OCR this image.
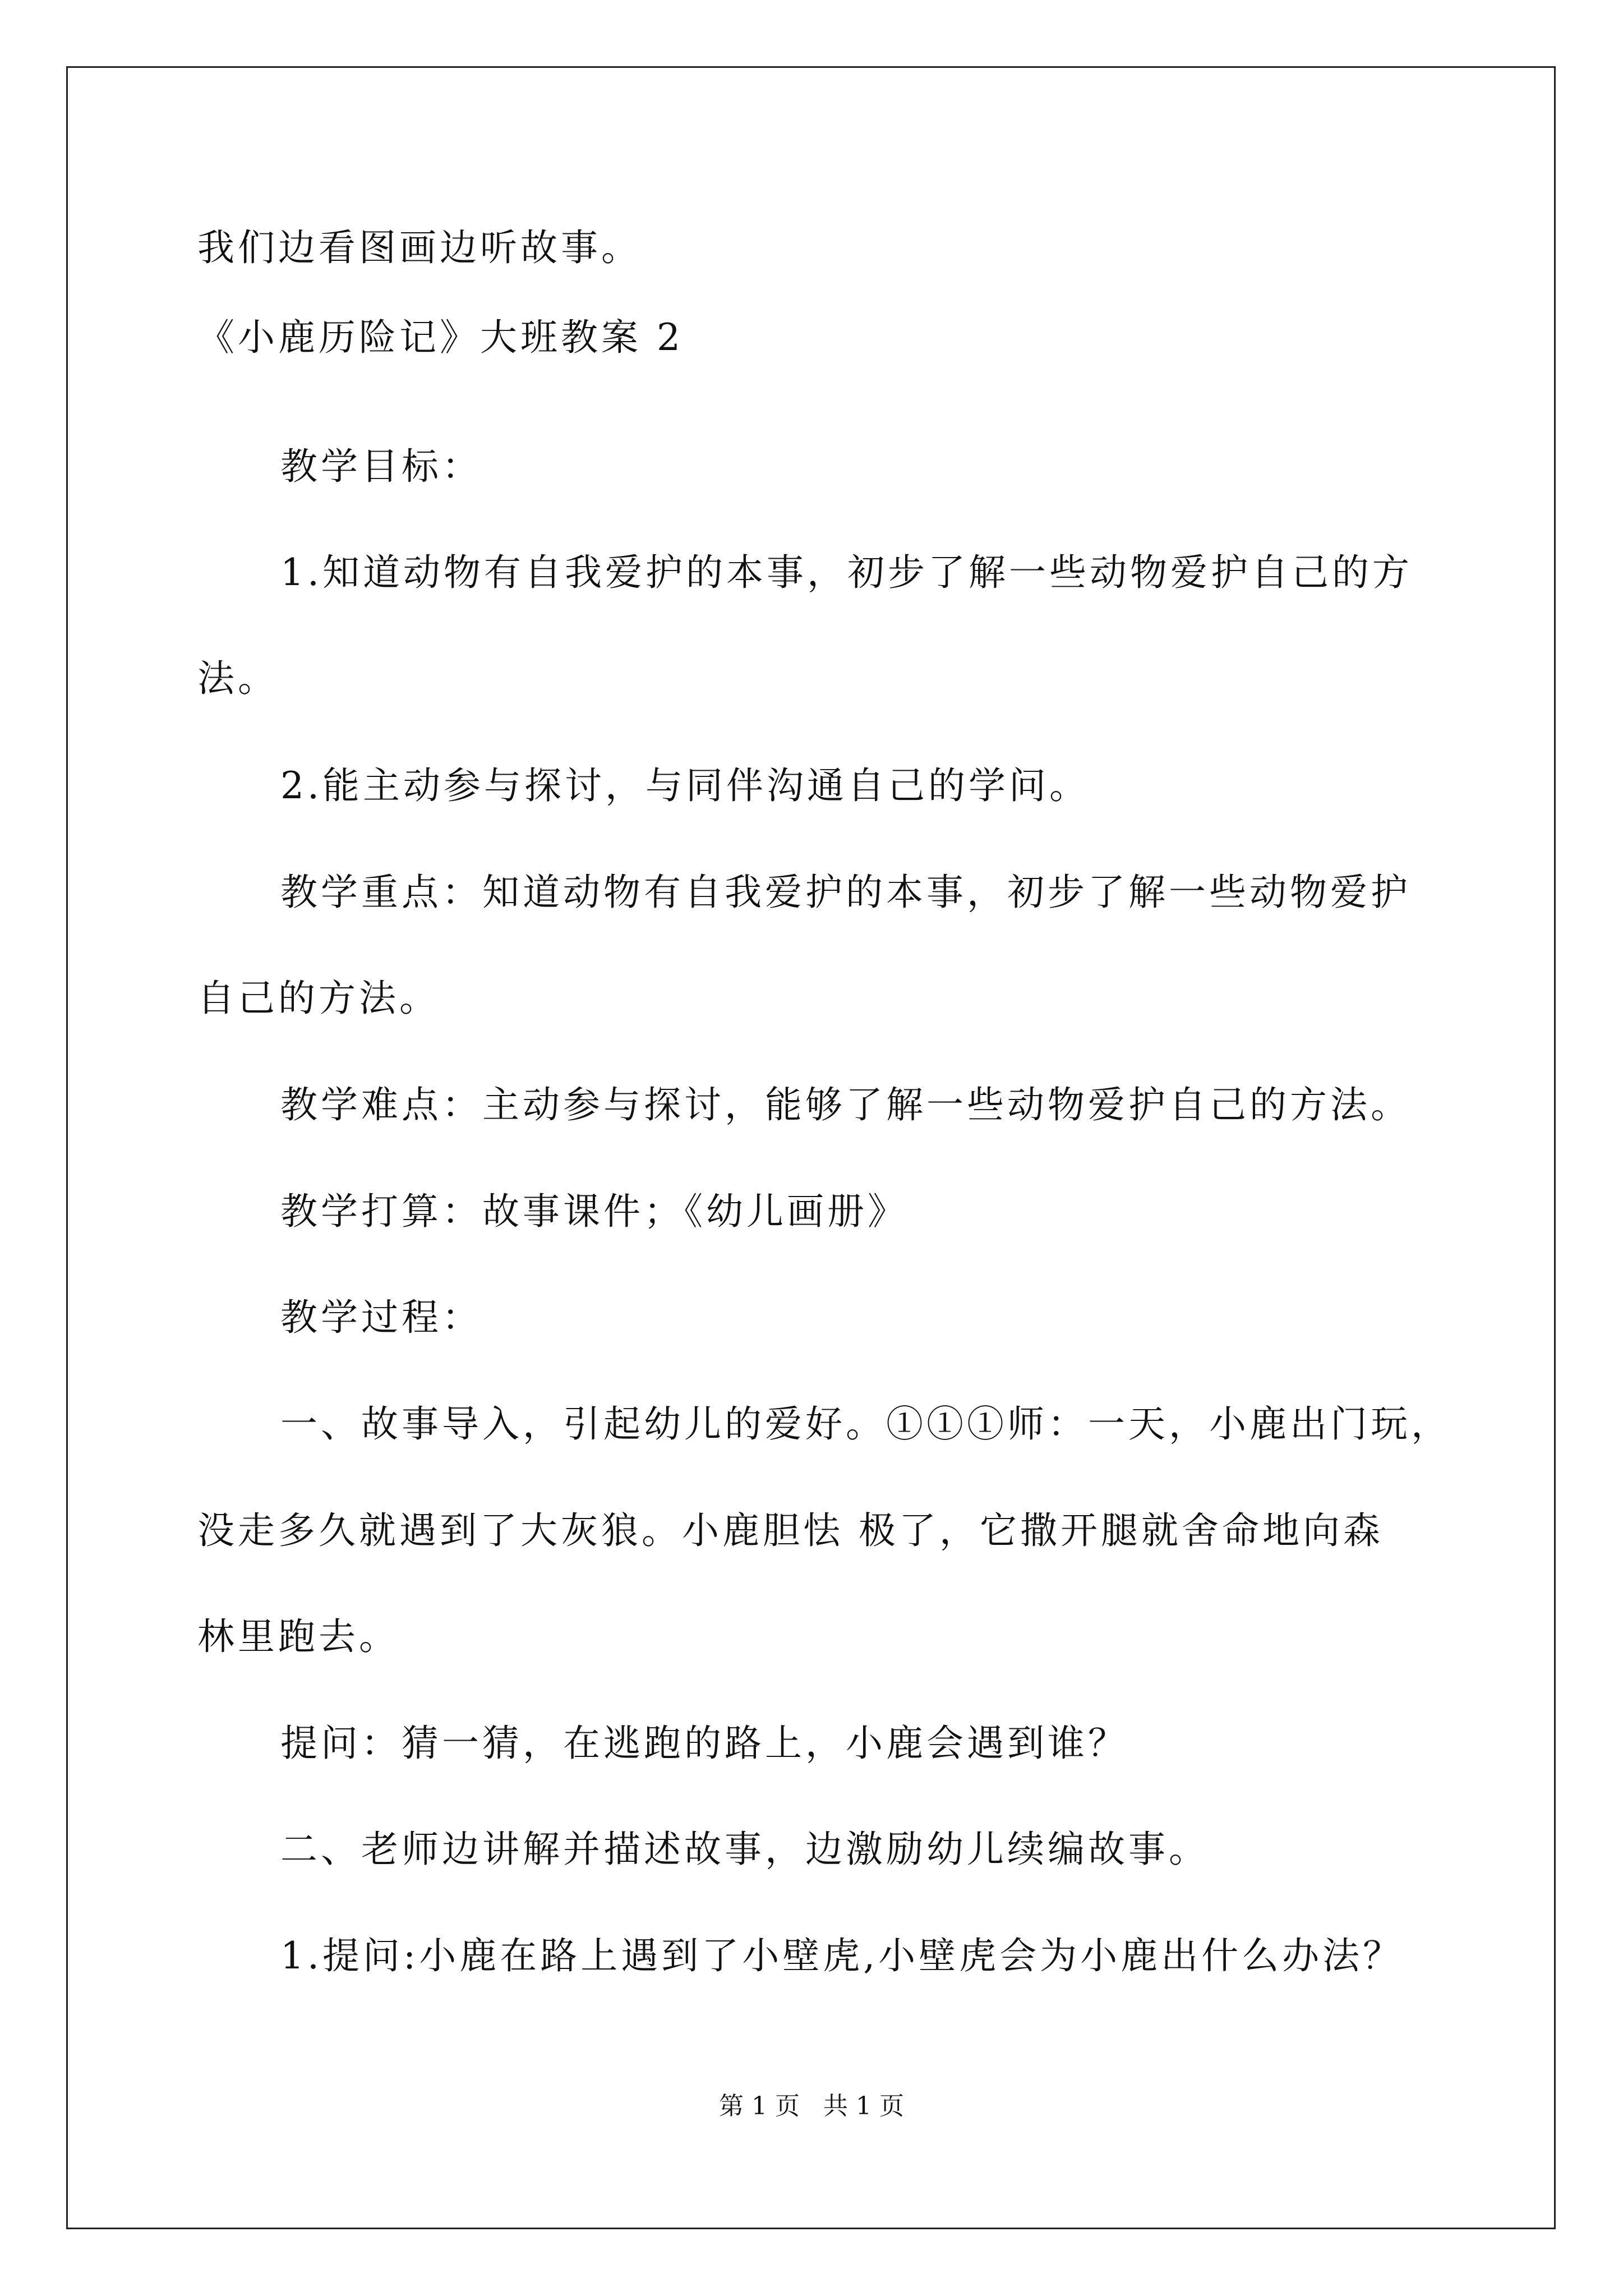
我们边看图画边听故事。
《小鹿历险记》大班教案 2
教学目标：
1.知道动物有自我爱护的本事，初步了解一些动物爱护自己的方
法。
2.能主动参与探讨，与同伴沟通自己的学问。
教学重点：知道动物有自我爱护的本事，初步了解一些动物爱护
自己的方法。
教学难点：主动参与探讨，能够了解一些动物爱护自己的方法。
教学打算：故事课件；《幼儿画册》
教学过程：
一、故事导入，引起幼儿的爱好。①①①师：一天，小鹿出门玩，
没走多久就遇到了大灰狼。小鹿胆怯 极了，它撒开腿就舍命地向森
林里跑去。
提问：猜一猜，在逃跑的路上，小鹿会遇到谁？
二、老师边讲解并描述故事，边激励幼儿续编故事。
1.提问:小鹿在路上遇到了小壁虎,小壁虎会为小鹿出什么办法？
第 1 页   共 1 页
